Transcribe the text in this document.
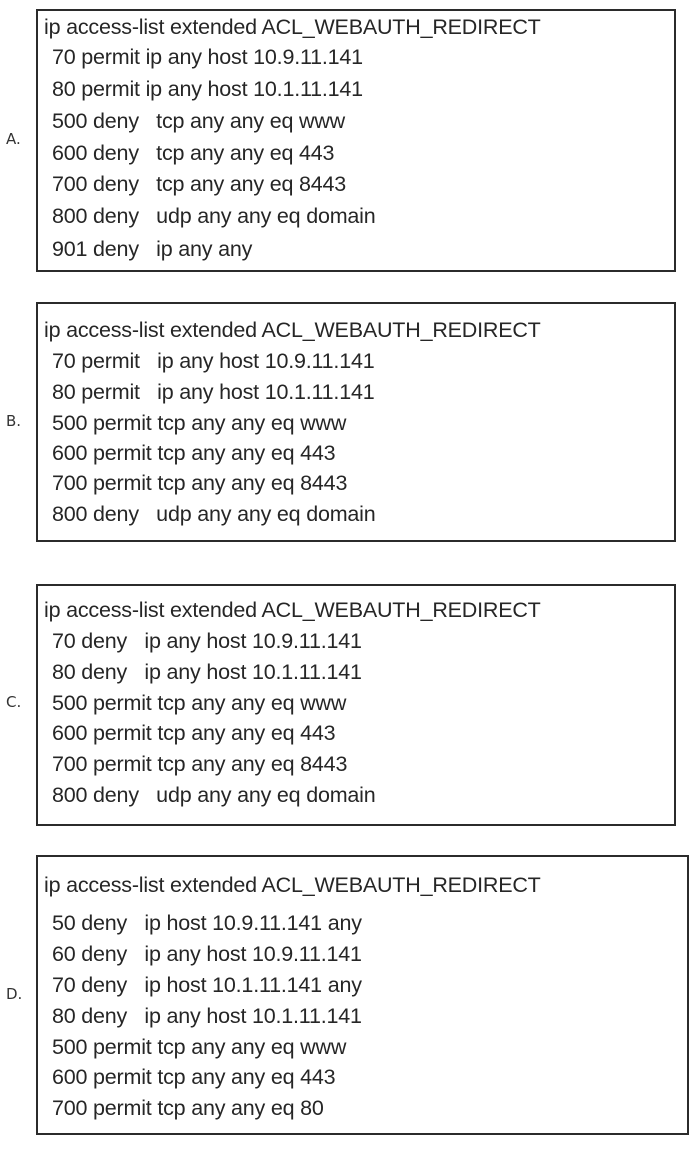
A.
ip access-list extended ACL_WEBAUTH_REDIRECT
70 permit ip any host 10.9.11.141
80 permit ip any host 10.1.11.141
500 deny   tcp any any eq www
600 deny   tcp any any eq 443
700 deny   tcp any any eq 8443
800 deny   udp any any eq domain
901 deny   ip any any
B.
ip access-list extended ACL_WEBAUTH_REDIRECT
70 permit   ip any host 10.9.11.141
80 permit   ip any host 10.1.11.141
500 permit tcp any any eq www
600 permit tcp any any eq 443
700 permit tcp any any eq 8443
800 deny   udp any any eq domain
C.
ip access-list extended ACL_WEBAUTH_REDIRECT
70 deny   ip any host 10.9.11.141
80 deny   ip any host 10.1.11.141
500 permit tcp any any eq www
600 permit tcp any any eq 443
700 permit tcp any any eq 8443
800 deny   udp any any eq domain
D.
ip access-list extended ACL_WEBAUTH_REDIRECT
50 deny   ip host 10.9.11.141 any
60 deny   ip any host 10.9.11.141
70 deny   ip host 10.1.11.141 any
80 deny   ip any host 10.1.11.141
500 permit tcp any any eq www
600 permit tcp any any eq 443
700 permit tcp any any eq 80
